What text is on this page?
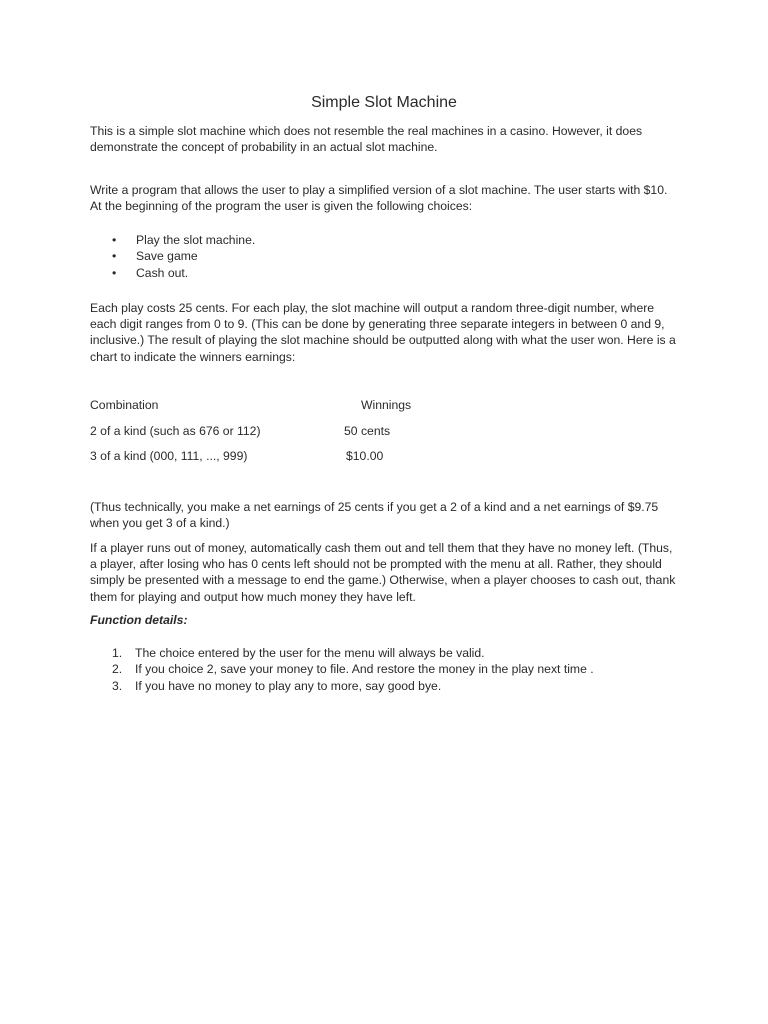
Simple Slot Machine

This is a simple slot machine which does not resemble the real machines in a casino. However, it does demonstrate the concept of probability in an actual slot machine.

Write a program that allows the user to play a simplified version of a slot machine. The user starts with $10. At the beginning of the program the user is given the following choices:

• Play the slot machine.
• Save game
• Cash out.

Each play costs 25 cents. For each play, the slot machine will output a random three-digit number, where each digit ranges from 0 to 9. (This can be done by generating three separate integers in between 0 and 9, inclusive.) The result of playing the slot machine should be outputted along with what the user won. Here is a chart to indicate the winners earnings:

Combination	Winnings
2 of a kind (such as 676 or 112)	50 cents
3 of a kind (000, 111, ..., 999)	$10.00

(Thus technically, you make a net earnings of 25 cents if you get a 2 of a kind and a net earnings of $9.75 when you get 3 of a kind.)

If a player runs out of money, automatically cash them out and tell them that they have no money left. (Thus, a player, after losing who has 0 cents left should not be prompted with the menu at all. Rather, they should simply be presented with a message to end the game.) Otherwise, when a player chooses to cash out, thank them for playing and output how much money they have left.

Function details:
1. The choice entered by the user for the menu will always be valid.
2. If you choice 2, save your money to file. And restore the money in the play next time .
3. If you have no money to play any to more, say good bye.
